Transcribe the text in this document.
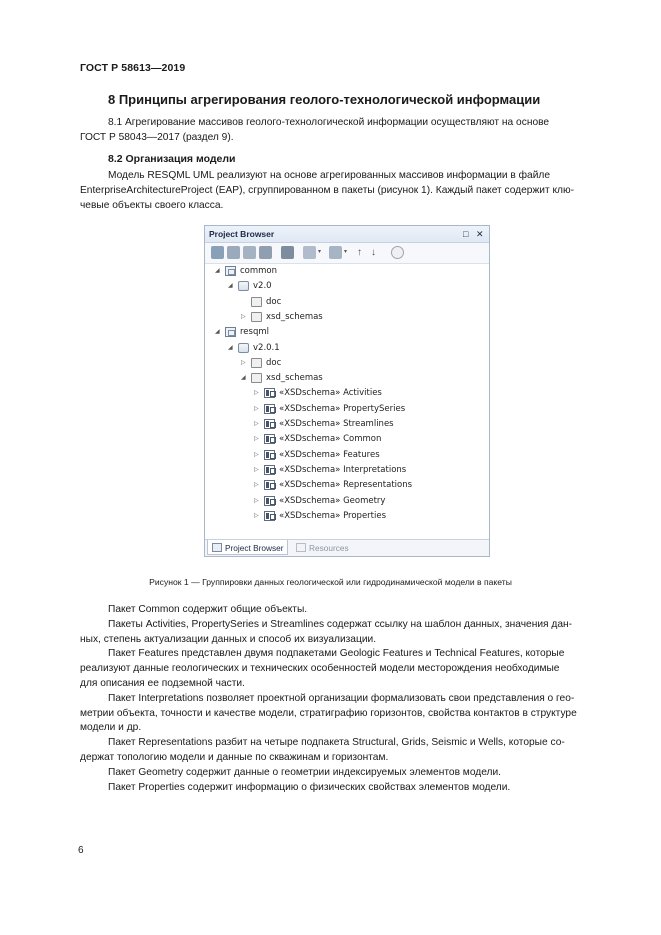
ГОСТ Р 58613—2019
8 Принципы агрегирования геолого-технологической информации
8.1 Агрегирование массивов геолого-технологической информации осуществляют на основе
ГОСТ Р 58043—2017 (раздел 9).
8.2 Организация модели
Модель RESQML UML реализуют на основе агрегированных массивов информации в файле
EnterpriseArchitectureProject (EAP), сгруппированном в пакеты (рисунок 1). Каждый пакет содержит клю-
чевые объекты своего класса.
Project Browser	□ ✕
▾	▾ ↑ ↓
◢	common
◢	v2.0
doc
▷	xsd_schemas
◢	resqml
◢	v2.0.1
▷	doc
◢	xsd_schemas
▷	«XSDschema» Activities
▷	«XSDschema» PropertySeries
▷	«XSDschema» Streamlines
▷	«XSDschema» Common
▷	«XSDschema» Features
▷	«XSDschema» Interpretations
▷	«XSDschema» Representations
▷	«XSDschema» Geometry
▷	«XSDschema» Properties
Project Browser	Resources
Рисунок 1 — Группировки данных геологической или гидродинамической модели в пакеты
Пакет Common содержит общие объекты.
Пакеты Activities, PropertySeries и Streamlines содержат ссылку на шаблон данных, значения дан-
ных, степень актуализации данных и способ их визуализации.
Пакет Features представлен двумя подпакетами Geologic Features и Technical Features, которые
реализуют данные геологических и технических особенностей модели месторождения необходимые
для описания ее подземной части.
Пакет Interpretations позволяет проектной организации формализовать свои представления о гео-
метрии объекта, точности и качестве модели, стратиграфию горизонтов, свойства контактов в структуре
модели и др.
Пакет Representations разбит на четыре подпакета Structural, Grids, Seismic и Wells, которые со-
держат топологию модели и данные по скважинам и горизонтам.
Пакет Geometry содержит данные о геометрии индексируемых элементов модели.
Пакет Properties содержит информацию о физических свойствах элементов модели.
6
